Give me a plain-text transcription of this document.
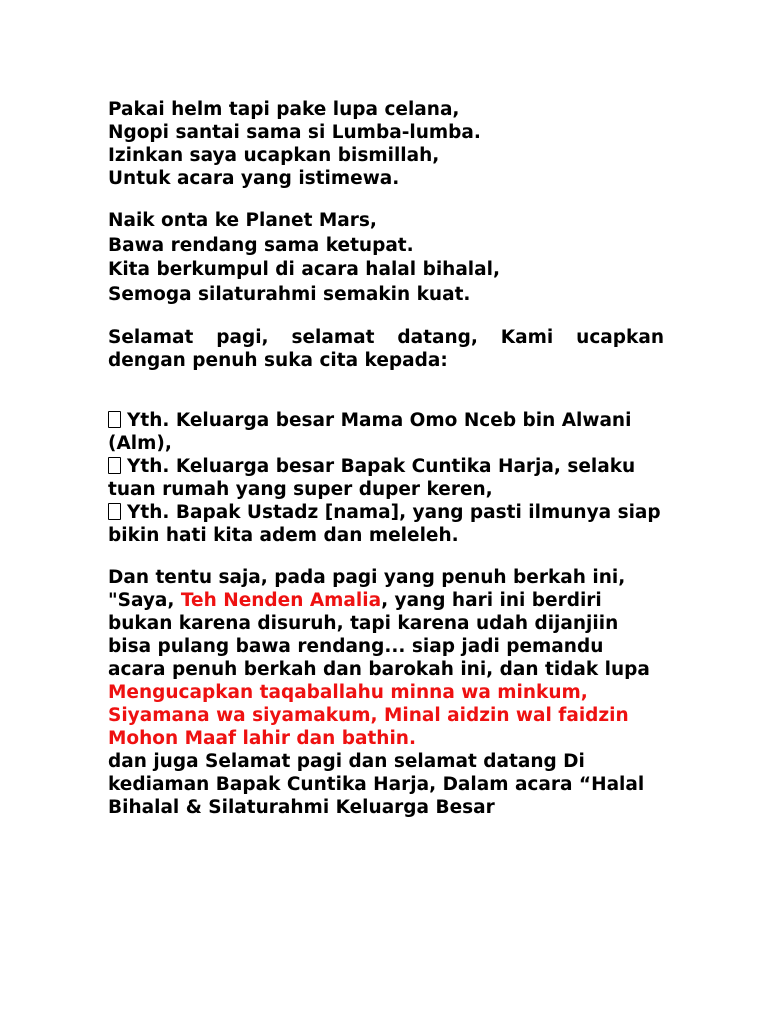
Pakai helm tapi pake lupa celana,
Ngopi santai sama si Lumba-lumba.
Izinkan saya ucapkan bismillah,
Untuk acara yang istimewa.
Naik onta ke Planet Mars,
Bawa rendang sama ketupat.
Kita berkumpul di acara halal bihalal,
Semoga silaturahmi semakin kuat.

Selamat pagi, selamat datang, Kami ucapkan dengan penuh suka cita kepada:

Yth. Keluarga besar Mama Omo Nceb bin Alwani (Alm),
Yth. Keluarga besar Bapak Cuntika Harja, selaku tuan rumah yang super duper keren,
Yth. Bapak Ustadz [nama], yang pasti ilmunya siap bikin hati kita adem dan meleleh.

Dan tentu saja, pada pagi yang penuh berkah ini,

"Saya, Teh Nenden Amalia, yang hari ini berdiri bukan karena disuruh, tapi karena udah dijanjiin bisa pulang bawa rendang... siap jadi pemandu acara penuh berkah dan barokah ini, dan tidak lupa Mengucapkan taqaballahu minna wa minkum, Siyamana wa siyamakum, Minal aidzin wal faidzin Mohon Maaf lahir dan bathin.

dan juga Selamat pagi dan selamat datang Di kediaman Bapak Cuntika Harja, Dalam acara “Halal Bihalal & Silaturahmi Keluarga Besar
